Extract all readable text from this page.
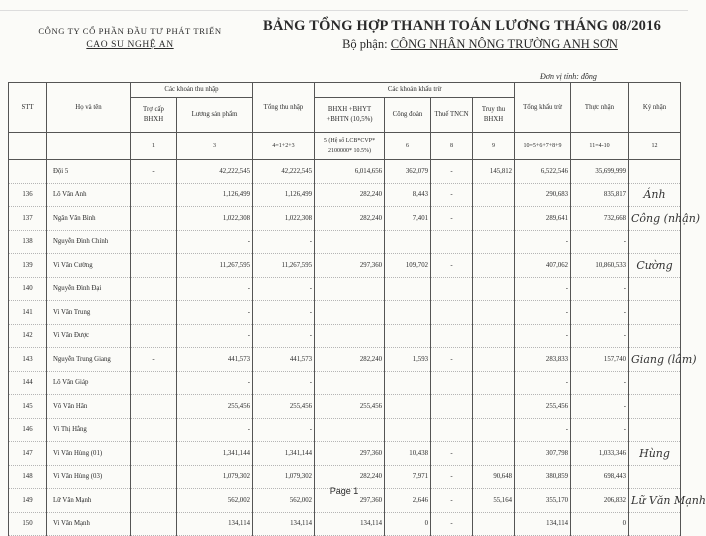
CÔNG TY CỔ PHẦN ĐẦU TƯ PHÁT TRIỂN
CAO SU NGHỆ AN
BẢNG TỔNG HỢP THANH TOÁN LƯƠNG THÁNG 08/2016
Bộ phận: CÔNG NHÂN NÔNG TRƯỜNG ANH SƠN
Đơn vị tính: đồng
STT	Họ và tên	Các khoản thu nhập		Tổng thu nhập	Các khoản khấu trừ				Tổng khấu trừ	Thực nhận	Ký nhận
		Trợ cấp BHXH	Lương sản phẩm		BHXH +BHYT +BHTN (10,5%)	Công đoàn	Thuế TNCN	Truy thu BHXH			
		1	3	4=1+2+3	5 (Hệ số LCB*CVP* 2100000* 10.5%)	6	8	9	10=5+6+7+8+9	11=4-10	12
	Đội 5	-	42,222,545	42,222,545	6,014,656	362,079	-	145,812	6,522,546	35,699,999	
136	Lô Văn Anh		1,126,499	1,126,499	282,240	8,443	-		290,683	835,817	Ánh
137	Ngân Văn Bình		1,022,308	1,022,308	282,240	7,401	-		289,641	732,668	Công (nhận)
138	Nguyễn Đình Chính		-	-					-	-	
139	Vi Văn Cường		11,267,595	11,267,595	297,360	109,702	-		407,062	10,860,533	Cường
140	Nguyễn Đình Đại		-	-					-	-	
141	Vi Văn Trung		-	-					-	-	
142	Vi Văn Được		-	-					-	-	
143	Nguyễn Trung Giang	-	441,573	441,573	282,240	1,593	-		283,833	157,740	Giang (lâm)
144	Lô Văn Giáp		-	-					-	-	
145	Võ Văn Hân		255,456	255,456	255,456				255,456	-	
146	Vi Thị Hằng		-	-					-	-	
147	Vi Văn Hùng (01)		1,341,144	1,341,144	297,360	10,438	-		307,798	1,033,346	Hùng
148	Vi Văn Hùng (03)		1,079,302	1,079,302	282,240	7,971	-	90,648	380,859	698,443	
149	Lữ Văn Mạnh		562,002	562,002	297,360	2,646	-	55,164	355,170	206,832	Lữ Văn Mạnh
150	Vi Văn Mạnh		134,114	134,114	134,114	0	-		134,114	0	
Page 1
